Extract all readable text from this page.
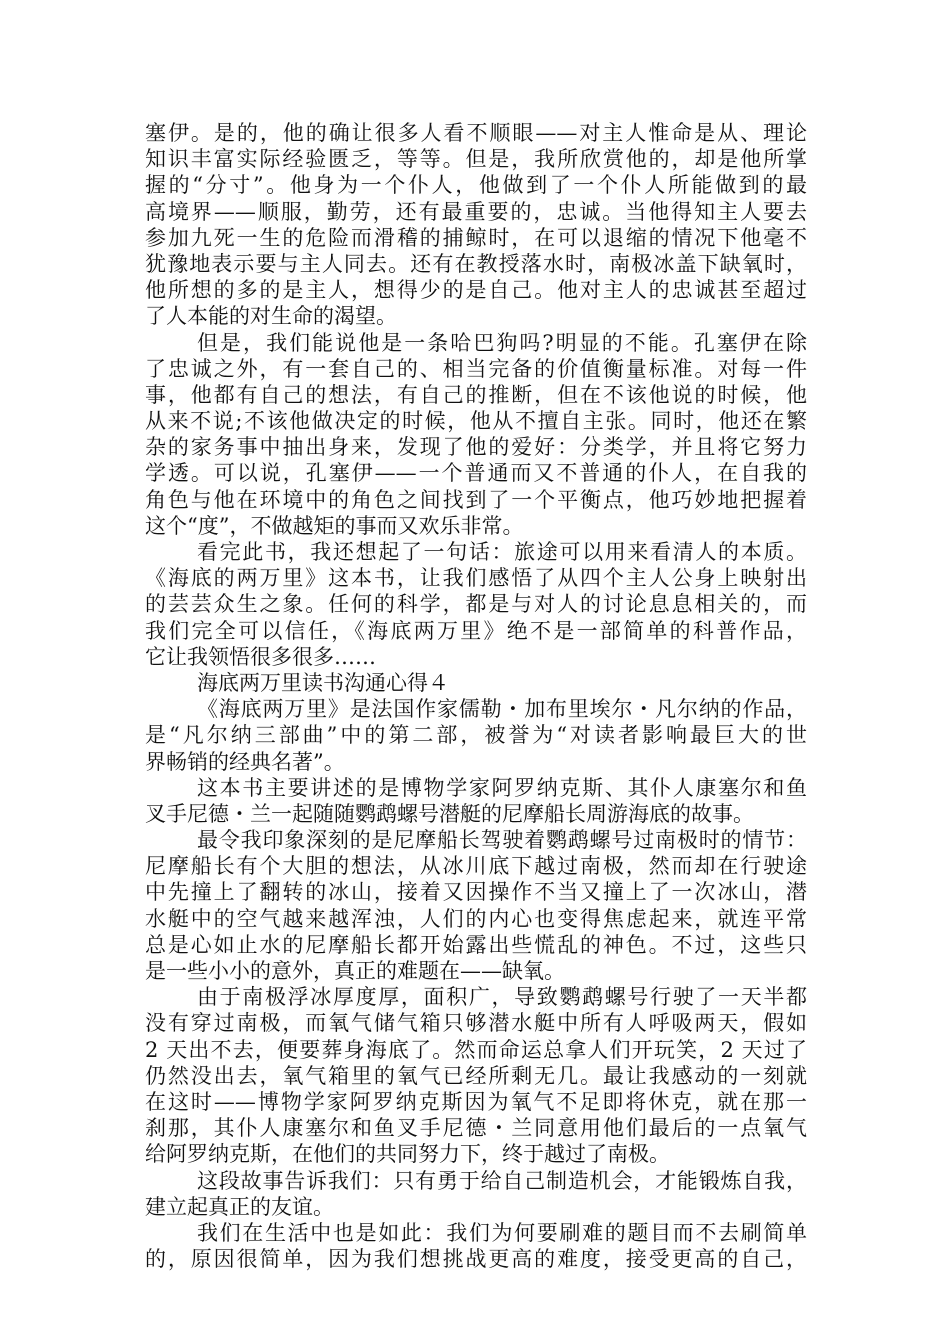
塞伊。是的，他的确让很多人看不顺眼——对主人惟命是从、理论
知识丰富实际经验匮乏，等等。但是，我所欣赏他的，却是他所掌
握的“分寸”。他身为一个仆人，他做到了一个仆人所能做到的最
高境界——顺服，勤劳，还有最重要的，忠诚。当他得知主人要去
参加九死一生的危险而滑稽的捕鲸时，在可以退缩的情况下他毫不
犹豫地表示要与主人同去。还有在教授落水时，南极冰盖下缺氧时，
他所想的多的是主人，想得少的是自己。他对主人的忠诚甚至超过
了人本能的对生命的渴望。
但是，我们能说他是一条哈巴狗吗?明显的不能。孔塞伊在除
了忠诚之外，有一套自己的、相当完备的价值衡量标准。对每一件
事，他都有自己的想法，有自己的推断，但在不该他说的时候，他
从来不说;不该他做决定的时候，他从不擅自主张。同时，他还在繁
杂的家务事中抽出身来，发现了他的爱好：分类学，并且将它努力
学透。可以说，孔塞伊——一个普通而又不普通的仆人，在自我的
角色与他在环境中的角色之间找到了一个平衡点，他巧妙地把握着
这个“度”，不做越矩的事而又欢乐非常。
看完此书，我还想起了一句话：旅途可以用来看清人的本质。
《海底的两万里》这本书，让我们感悟了从四个主人公身上映射出
的芸芸众生之象。任何的科学，都是与对人的讨论息息相关的，而
我们完全可以信任，《海底两万里》绝不是一部简单的科普作品，
它让我领悟很多很多……
海底两万里读书沟通心得４
《海底两万里》是法国作家儒勒・加布里埃尔・凡尔纳的作品，
是“凡尔纳三部曲”中的第二部，被誉为“对读者影响最巨大的世
界畅销的经典名著”。
这本书主要讲述的是博物学家阿罗纳克斯、其仆人康塞尔和鱼
叉手尼德・兰一起随随鹦鹉螺号潜艇的尼摩船长周游海底的故事。
最令我印象深刻的是尼摩船长驾驶着鹦鹉螺号过南极时的情节：
尼摩船长有个大胆的想法，从冰川底下越过南极，然而却在行驶途
中先撞上了翻转的冰山，接着又因操作不当又撞上了一次冰山，潜
水艇中的空气越来越浑浊，人们的内心也变得焦虑起来，就连平常
总是心如止水的尼摩船长都开始露出些慌乱的神色。不过，这些只
是一些小小的意外，真正的难题在——缺氧。
由于南极浮冰厚度厚，面积广，导致鹦鹉螺号行驶了一天半都
没有穿过南极，而氧气储气箱只够潜水艇中所有人呼吸两天，假如
2 天出不去，便要葬身海底了。然而命运总拿人们开玩笑，2 天过了
仍然没出去，氧气箱里的氧气已经所剩无几。最让我感动的一刻就
在这时——博物学家阿罗纳克斯因为氧气不足即将休克，就在那一
刹那，其仆人康塞尔和鱼叉手尼德・兰同意用他们最后的一点氧气
给阿罗纳克斯，在他们的共同努力下，终于越过了南极。
这段故事告诉我们：只有勇于给自己制造机会，才能锻炼自我，
建立起真正的友谊。
我们在生活中也是如此：我们为何要刷难的题目而不去刷简单
的，原因很简单，因为我们想挑战更高的难度，接受更高的自己，
